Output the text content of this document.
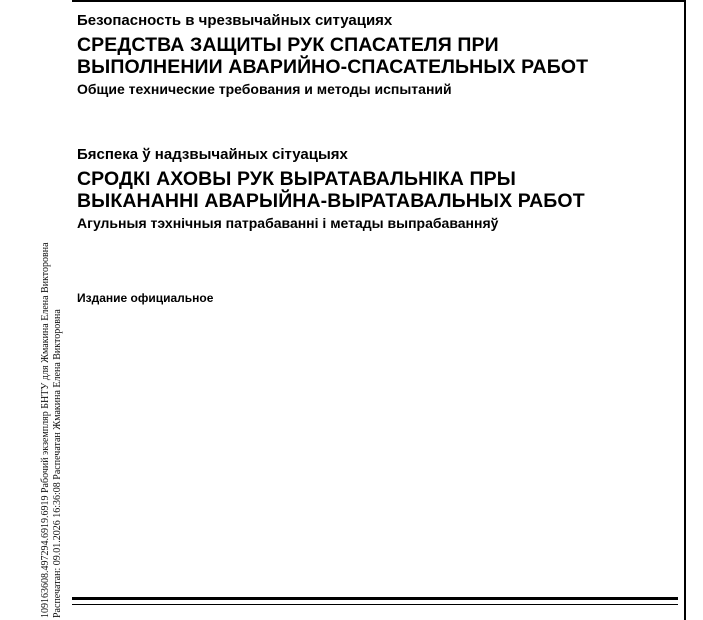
Безопасность в чрезвычайных ситуациях
СРЕДСТВА ЗАЩИТЫ РУК СПАСАТЕЛЯ ПРИ
ВЫПОЛНЕНИИ АВАРИЙНО-СПАСАТЕЛЬНЫХ РАБОТ
Общие технические требования и методы испытаний
Бяспека ў надзвычайных сітуацыях
СРОДКІ АХОВЫ РУК ВЫРАТАВАЛЬНІКА ПРЫ
ВЫКАНАННІ АВАРЫЙНА-ВЫРАТАВАЛЬНЫХ РАБОТ
Агульныя тэхнічныя патрабаванні і метады выпрабаванняў
Издание официальное
109163608.497294.6919.6919 Рабочий экземпляр БНТУ для Жмакина Елена Викторовна Распечатан: 09.01.2026 16:36:08 Распечатан Жмакина Елена Викторовна
